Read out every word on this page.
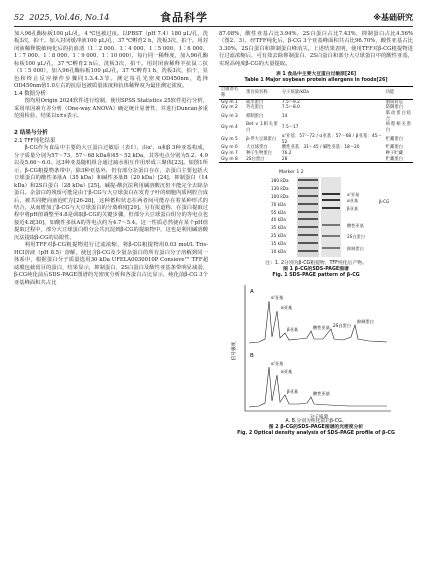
52 2025, Vol.46, No.14	食品科学	※基础研究

加入96孔酶标板100 μL/孔，4 ℃包被过夜。以PBST（pH 7.4）180 μL/孔，洗板3次，拍干。加入封闭缓冲液100 μL/孔，37 ℃孵育2 h，洗板3次，拍干。用封闭液稀释脱敏纯化后的抗血清（1∶2 000、1∶4 000、1∶5 000、1∶6 000、1∶7 000、1∶8 000、1∶9 000、1∶10 000），每行同一稀释度，加入96孔酶标板100 μL/孔，37 ℃孵育2 h后，洗板3次，拍干。用封闭液稀释羊抗鼠二抗（1∶5 000），加入96孔酶标板100 μL/孔，37 ℃孵育1 h，洗板3次，拍干，显色和终止反应操作步骤同1.3.4.3节。测定每孔光密度OD450nm，选择OD450nm值1.0左右的抗原包被质量浓度和抗体稀释度为最佳测定浓度。

1.4 数据分析

图均用Origin 2024软件进行绘制，使用SPSS Statistics 25软件进行分析，采用单因素方差分析（One-way ANOVA）确定统计显著性，并进行Duncan多重范围检验，结果以x±s表示。

2 结果与分析

2.1 TFF纯化结果

β-CG作为食品中主要的大豆蛋白过敏原（表1），由α'、α和β 3种亚基构成，分子质量分别为57～73、57～68 kDa和45～52 kDa，其等电点分别为5.2、4.9以及5.66～6.0。这3种亚基随机组合通过疏水相互作用形成三聚体[23]。如图1所示，β-CG粗提物条带中，除3种亚基外，仍有部分杂蛋白存在，杂蛋白主要包括大豆球蛋白的酸性多肽A（35 kDa）和碱性多肽B（20 kDa）[24]，抑制蛋白（14 kDa）和2S白蛋白（28 kDa）[25]。碱提-酸沉法利用碱溶酸沉但不能完全去除杂蛋白。杂蛋白的残留可能是由于β-CG与大豆球蛋白在发育子叶的细胞内质网腔合成后，被共同靶向液泡贮存[26-28]，这种蓄积状态在两者间可能存在着某种形式的结合，从而增加了β-CG与大豆球蛋白的分离难度[29]。另有报道称，在蛋白提取过程中将pH值调整至4.8是调取β-CG的关键步骤，但部分大豆球蛋白组分的等电点也接近4.8[30]，如酸性多肽A的等电点约为4.7～5.4。这一性质必然使在某个pH值提取过程中，部分大豆球蛋白组分会共沉淀到β-CG的提取物中，这也是利用碱溶酸沉法提取β-CG的局限性。

利用TFF对β-CG粗提物进行过滤浓缩，将β-CG粗提物用0.03 mol/L Tris-HCl溶液（pH 8.5）溶解，使包含β-CG及少量杂蛋白的所有蛋白分子溶解到同一体系中，根据蛋白分子质量选用30 kDa UFELA0030010P Consieve™ TFF超滤膜包截留目的蛋白，结果显示，抑制蛋白、2S白蛋白及酸性亚基条带明显减弱，β-CG纯化前后SDS-PAGE图谱的光密度分析和各蛋白占比显示，纯化前β-CG 3个亚基峰面积共占比

87.08%，酸性亚基占比3.94%，2S白蛋白占比7.43%，抑制蛋白占比4.56%（图2、3），经TFF纯化后，β-CG 3个亚基峰面积共占比96.70%，酸性亚基占比3.30%，2S白蛋白和抑制蛋白峰消失。上述结果表明，使用TFF对β-CG粗提物进行过滤浓缩后，可有效去除抑制蛋白、2S白蛋白和部分大豆球蛋白中的酸性亚基，实现高纯度β-CG的大量提取。

表 1 食品中主要大豆蛋白过敏原[26]

Table 1 Major soybean protein allergens in foods[26]

过敏原名称	蛋白质名称	分子质量/kDa	功能
Gly m 1	疏水蛋白	7.5～9.2	脂质转运
Gly m 2	外壳蛋白	7.5～8.0	防御蛋白
Gly m 3	抑制蛋白	14	肌动蛋白结合
Gly m 4	Bet v 1相关蛋白	7.5～17	病程相关蛋白
Gly m 5	β-伴大豆球蛋白	α'亚基：57～72 / α亚基：57～68 / β亚基：45～52	贮藏蛋白
Gly m 6	大豆球蛋白	酸性亚基：31～45 / 碱性亚基：18～20	贮藏蛋白
Gly m 7	种子生物蛋白	76.2	种子贮藏
Gly m 8	2S白蛋白	28	贮藏蛋白
Marker 1 2
180 kDa
130 kDa
100 kDa
70 kDa
55 kDa
40 kDa
35 kDa
25 kDa
15 kDa
10 kDa
α'亚基
α亚基
β亚基
酸性亚基
2S白蛋白
抑制蛋白
β-CG

注：1. 2分别为β-CG粗提物、TFF纯化后产物。

图 1 β-CG的SDS-PAGE图谱

Fig. 1 SDS-PAGE pattern of β-CG

信号强度
分子质量
A
B
α'亚基
α亚基
β亚基	酸性亚基 2S白蛋白
抑制蛋白
α'亚基
α亚基
β亚基	酸性亚基

A. B.分别为纯化前后β-CG。

图 2 β-CG的SDS-PAGE图谱的光密度分析

Fig. 2 Optical density analysis of SDS-PAGE profile of β-CG
